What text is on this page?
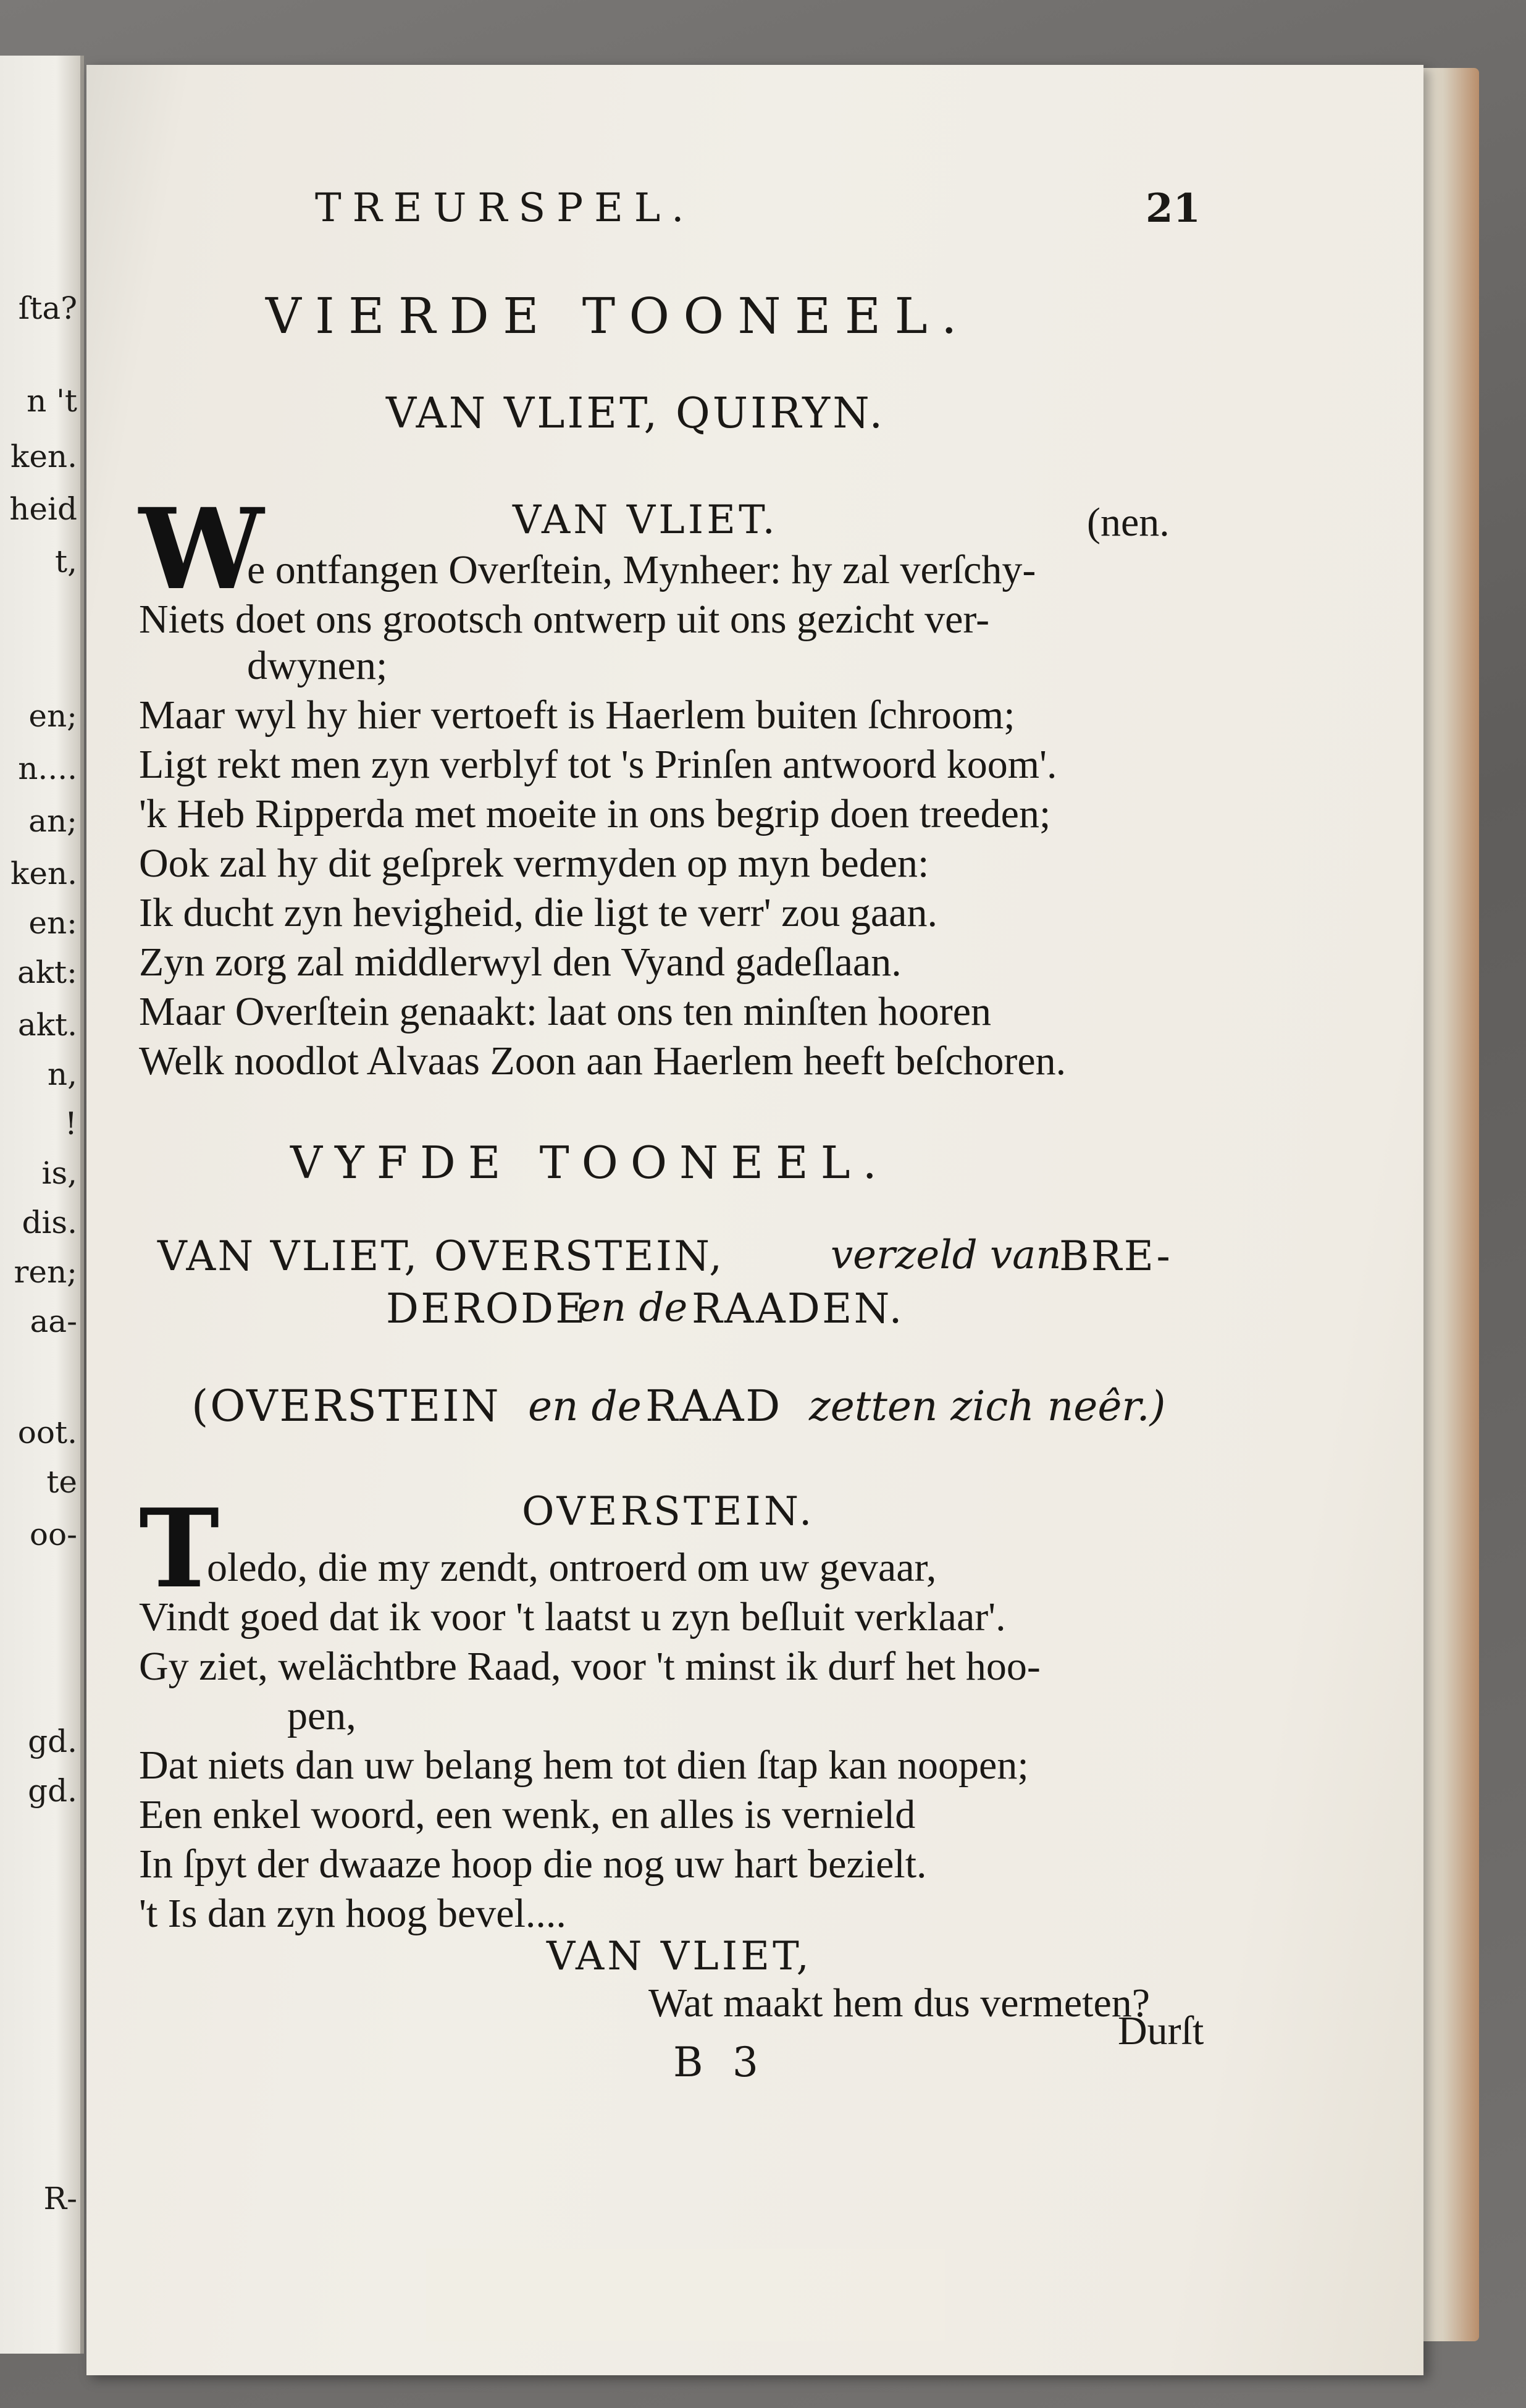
ſta?
n 't
ken.
heid
t,
en;
n....
an;
ken.
en:
akt:
akt.
n,
!
is,
dis.
ren;
aa-
oot.
te
oo-
gd.
gd.
R-
TREURSPEL.	21
VIERDE TOONEEL.
VAN VLIET, QUIRYN.
W	VAN VLIET.	(nen.
e ontfangen Overſtein, Mynheer: hy zal verſchy-
Niets doet ons grootsch ontwerp uit ons gezicht ver-
dwynen;
Maar wyl hy hier vertoeft is Haerlem buiten ſchroom;
Ligt rekt men zyn verblyf tot 's Prinſen antwoord koom'.
'k Heb Ripperda met moeite in ons begrip doen treeden;
Ook zal hy dit geſprek vermyden op myn beden:
Ik ducht zyn hevigheid, die ligt te verr' zou gaan.
Zyn zorg zal middlerwyl den Vyand gadeſlaan.
Maar Overſtein genaakt: laat ons ten minſten hooren
Welk noodlot Alvaas Zoon aan Haerlem heeft beſchoren.
VYFDE TOONEEL.
VAN VLIET, OVERSTEIN,	verzeld van
BRE-
DERODE
en de RAADEN.
(OVERSTEIN en de RAAD zetten zich neêr.)
T	OVERSTEIN.
oledo, die my zendt, ontroerd om uw gevaar,
Vindt goed dat ik voor 't laatst u zyn beſluit verklaar'.
Gy ziet, welächtbre Raad, voor 't minst ik durf het hoo-
pen,
Dat niets dan uw belang hem tot dien ſtap kan noopen;
Een enkel woord, een wenk, en alles is vernield
In ſpyt der dwaaze hoop die nog uw hart bezielt.
't Is dan zyn hoog bevel....
VAN VLIET,
Wat maakt hem dus vermeten?
Durſt
B 3
